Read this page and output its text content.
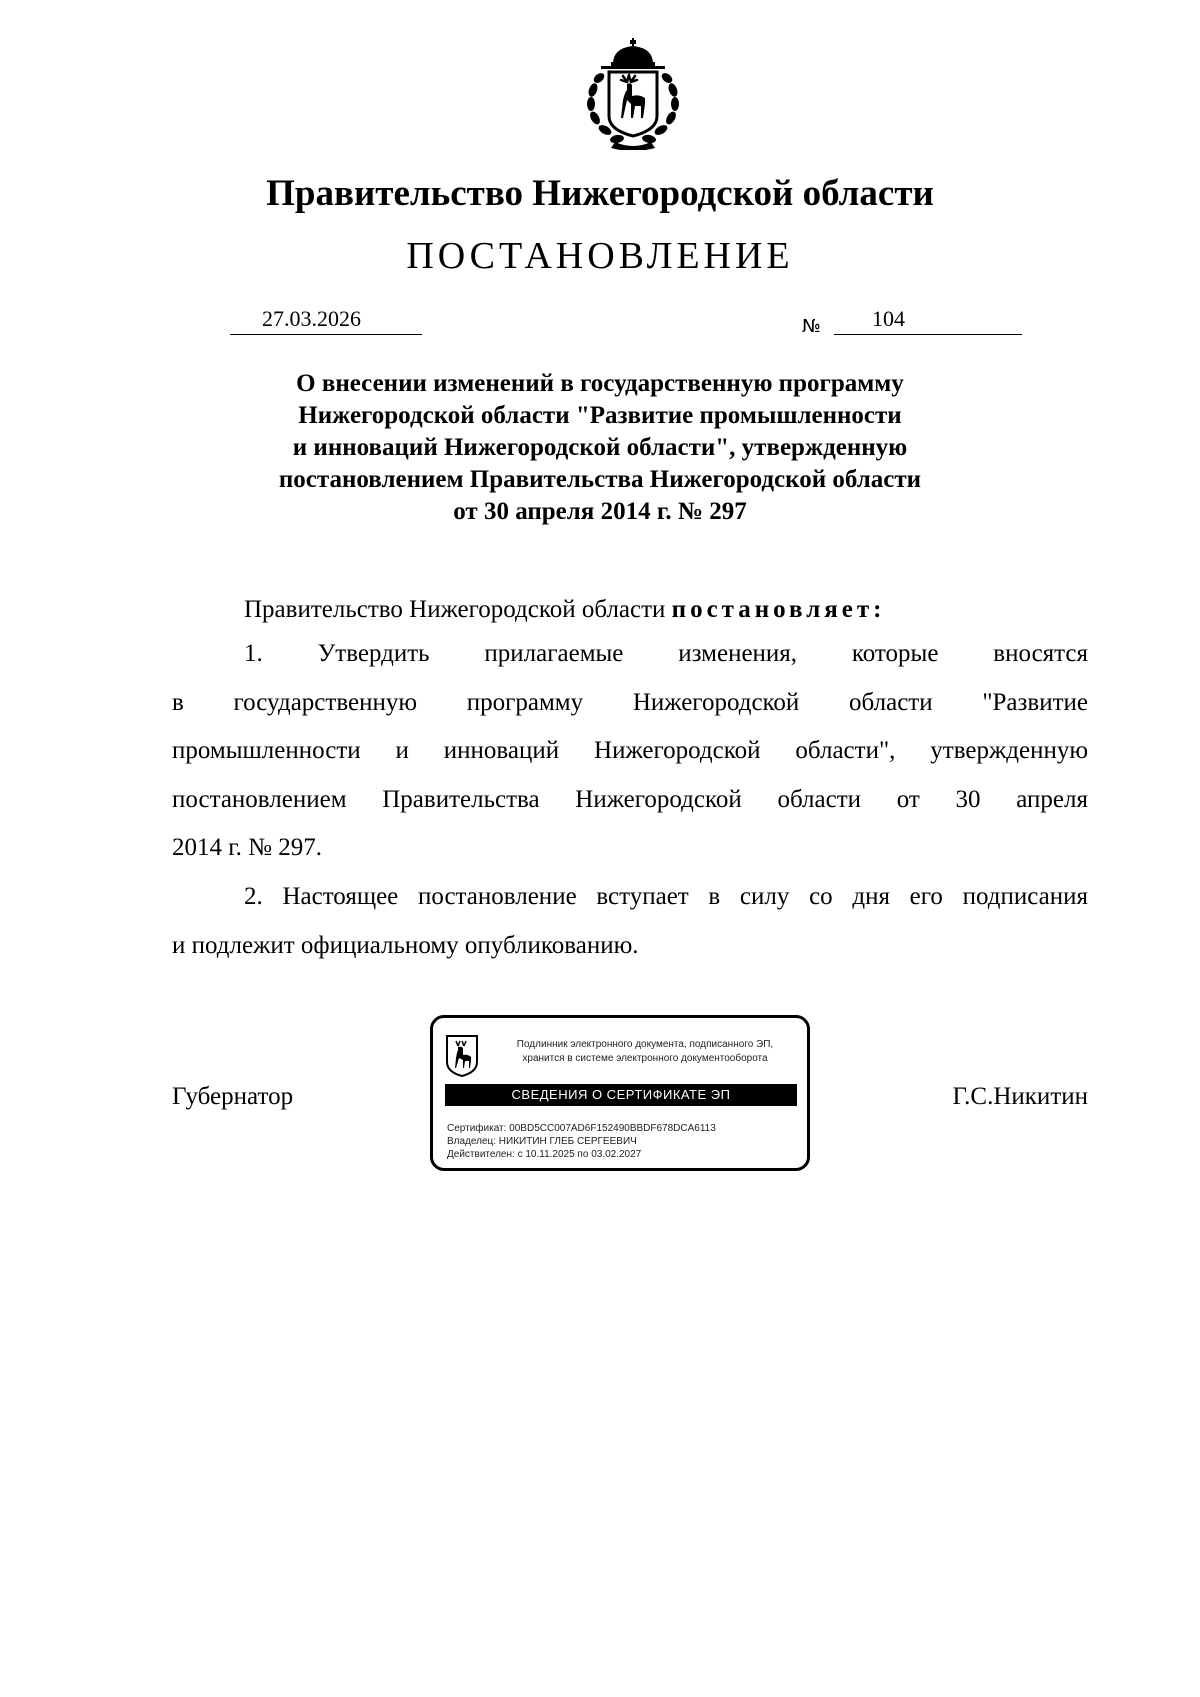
Правительство Нижегородской области
ПОСТАНОВЛЕНИЕ
27.03.2026	№ 104
О внесении изменений в государственную программу
Нижегородской области "Развитие промышленности
и инноваций Нижегородской области", утвержденную
постановлением Правительства Нижегородской области
от 30 апреля 2014 г. № 297
Правительство Нижегородской области постановляет:
1. Утвердить прилагаемые изменения, которые вносятся
в государственную программу Нижегородской области "Развитие
промышленности и инноваций Нижегородской области", утвержденную
постановлением Правительства Нижегородской области от 30 апреля
2014 г. № 297.
2. Настоящее постановление вступает в силу со дня его подписания
и подлежит официальному опубликованию.
Губернатор	Г.С.Никитин
Подлинник электронного документа, подписанного ЭП,
хранится в системе электронного документооборота
СВЕДЕНИЯ О СЕРТИФИКАТЕ ЭП
Сертификат: 00BD5CC007AD6F152490BBDF678DCA6113
Владелец: НИКИТИН ГЛЕБ СЕРГЕЕВИЧ
Действителен: с 10.11.2025 по 03.02.2027
